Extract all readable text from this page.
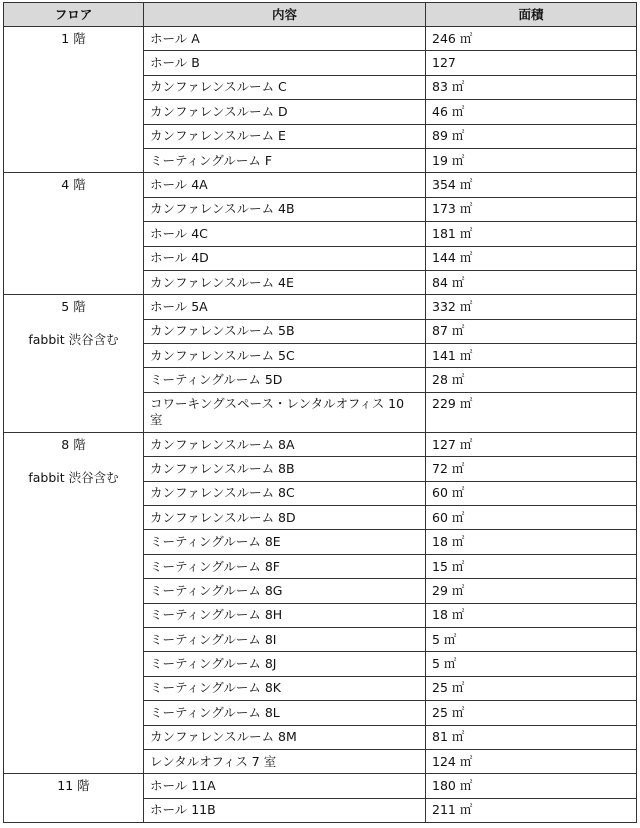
フロア	内容	面積

1 階	ホール A	246 ㎡
	ホール B	127
	カンファレンスルーム C	83 ㎡
	カンファレンスルーム D	46 ㎡
	カンファレンスルーム E	89 ㎡
	ミーティングルーム F	19 ㎡

4 階	ホール 4A	354 ㎡
	カンファレンスルーム 4B	173 ㎡
	ホール 4C	181 ㎡
	ホール 4D	144 ㎡
	カンファレンスルーム 4E	84 ㎡

5 階
fabbit 渋谷含む	ホール 5A	332 ㎡
	カンファレンスルーム 5B	87 ㎡
	カンファレンスルーム 5C	141 ㎡
	ミーティングルーム 5D	28 ㎡
	コワーキングスペース・レンタルオフィス 10 室	229 ㎡

8 階
fabbit 渋谷含む	カンファレンスルーム 8A	127 ㎡
	カンファレンスルーム 8B	72 ㎡
	カンファレンスルーム 8C	60 ㎡
	カンファレンスルーム 8D	60 ㎡
	ミーティングルーム 8E	18 ㎡
	ミーティングルーム 8F	15 ㎡
	ミーティングルーム 8G	29 ㎡
	ミーティングルーム 8H	18 ㎡
	ミーティングルーム 8I	5 ㎡
	ミーティングルーム 8J	5 ㎡
	ミーティングルーム 8K	25 ㎡
	ミーティングルーム 8L	25 ㎡
	カンファレンスルーム 8M	81 ㎡
	レンタルオフィス 7 室	124 ㎡

11 階	ホール 11A	180 ㎡
	ホール 11B	211 ㎡
